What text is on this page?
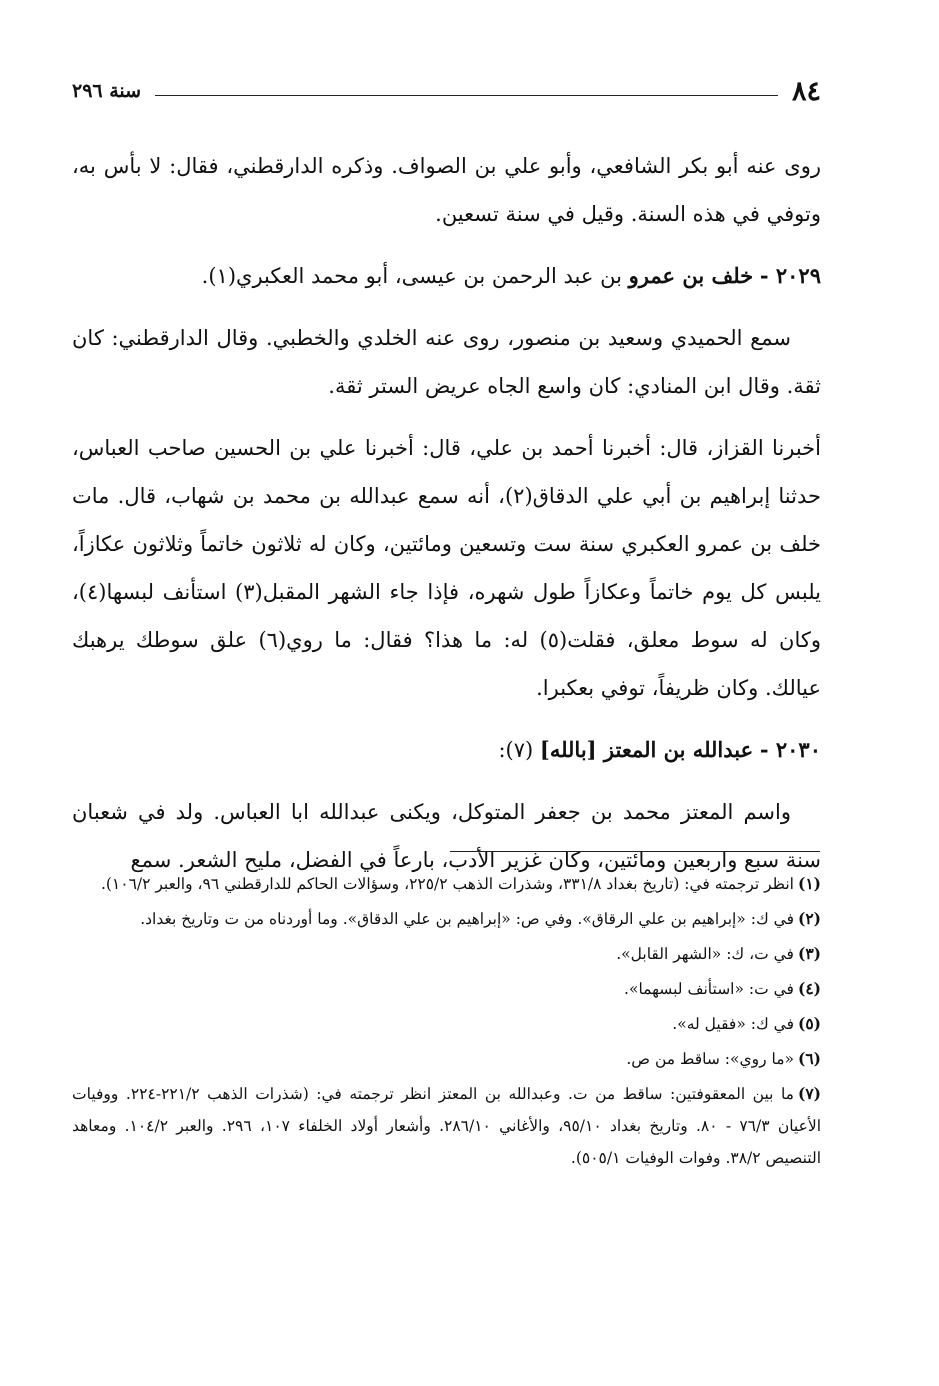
٨٤
سنة ٢٩٦

روى عنه أبو بكر الشافعي، وأبو علي بن الصواف. وذكره الدارقطني، فقال: لا بأس به، وتوفي في هذه السنة. وقيل في سنة تسعين.

٢٠٢٩ - خلف بن عمرو بن عبد الرحمن بن عيسى، أبو محمد العكبري(١).

سمع الحميدي وسعيد بن منصور، روى عنه الخلدي والخطبي. وقال الدارقطني: كان ثقة. وقال ابن المنادي: كان واسع الجاه عريض الستر ثقة.

أخبرنا القزاز، قال: أخبرنا أحمد بن علي، قال: أخبرنا علي بن الحسين صاحب العباس، حدثنا إبراهيم بن أبي علي الدقاق(٢)، أنه سمع عبدالله بن محمد بن شهاب، قال. مات خلف بن عمرو العكبري سنة ست وتسعين ومائتين، وكان له ثلاثون خاتماً وثلاثون عكازاً، يلبس كل يوم خاتماً وعكازاً طول شهره، فإذا جاء الشهر المقبل(٣) استأنف لبسها(٤)، وكان له سوط معلق، فقلت(٥) له: ما هذا؟ فقال: ما روي(٦) علق سوطك يرهبك عيالك. وكان ظريفاً، توفي بعكبرا.

٢٠٣٠ - عبدالله بن المعتز [بالله] (٧):

واسم المعتز محمد بن جعفر المتوكل، ويكنى عبدالله ابا العباس. ولد في شعبان سنة سبع واربعين ومائتين، وكان غزير الأدب، بارعاً في الفضل، مليح الشعر. سمع

(١)انظر ترجمته في: (تاريخ بغداد ٣٣١/٨، وشذرات الذهب ٢٢٥/٢، وسؤالات الحاكم للدارقطني ٩٦، والعبر ١٠٦/٢).

(٢)في ك: «إبراهيم بن علي الرقاق». وفي ص: «إبراهيم بن علي الدقاق». وما أوردناه من ت وتاريخ بغداد.

(٣)في ت، ك: «الشهر القابل».

(٤)في ت: «استأنف لبسهما».

(٥)في ك: «فقيل له».

(٦)«ما روي»: ساقط من ص.

(٧)ما بين المعقوفتين: ساقط من ت. وعبدالله بن المعتز انظر ترجمته في: (شذرات الذهب ٢٢١/٢-٢٢٤. ووفيات الأعيان ٧٦/٣ - ٨٠. وتاريخ بغداد ٩٥/١٠، والأغاني ٢٨٦/١٠. وأشعار أولاد الخلفاء ١٠٧، ٢٩٦. والعبر ١٠٤/٢. ومعاهد التنصيص ٣٨/٢. وفوات الوفيات ٥٠٥/١).
